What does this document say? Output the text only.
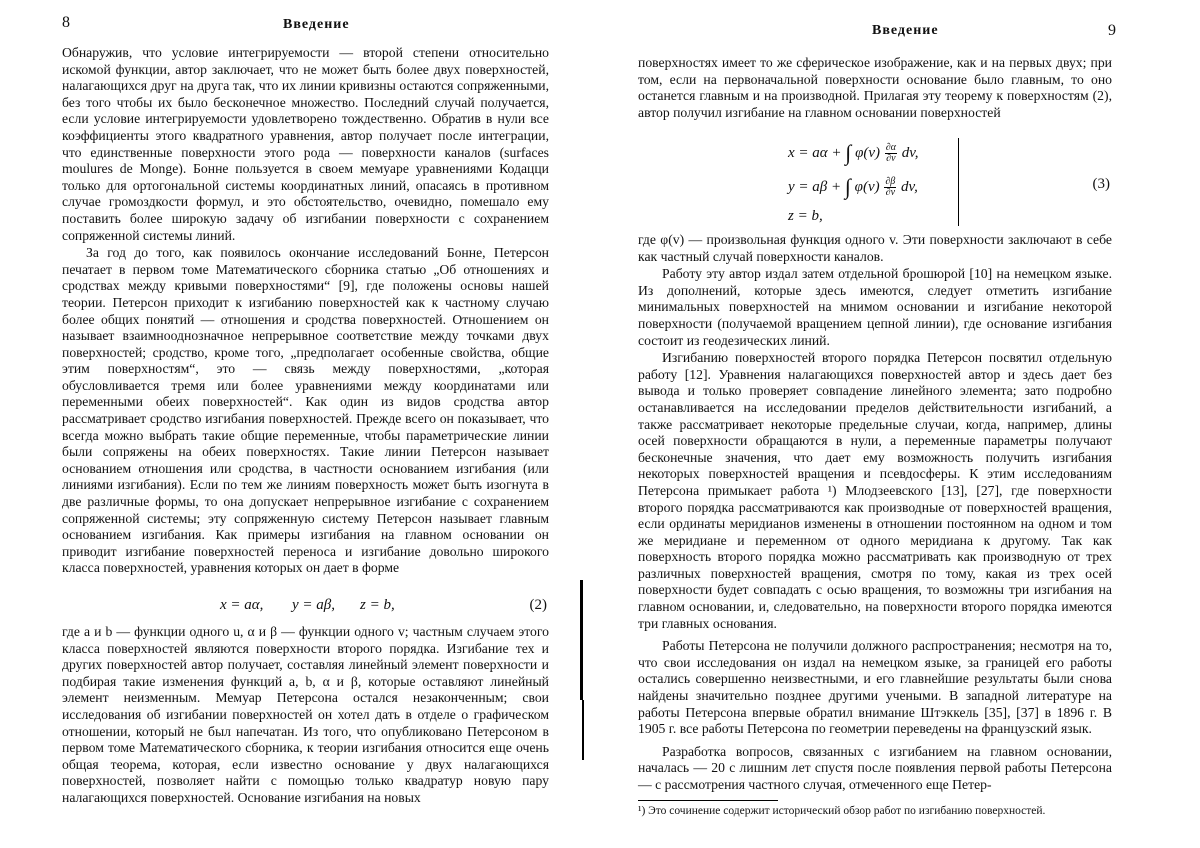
8	Введение

Обнаружив, что условие интегрируемости — второй степени относительно искомой функции, автор заключает, что не может быть более двух поверхностей, налагающихся друг на друга так, что их линии кривизны остаются сопряженными, без того чтобы их было бесконечное множество. Последний случай получается, если условие интегрируемости удовлетворено тождественно. Обратив в нули все коэффициенты этого квадратного уравнения, автор получает после интеграции, что единственные поверхности этого рода — поверхности каналов (surfaces moulures de Monge). Бонне пользуется в своем мемуаре уравнениями Кодацци только для ортогональной системы координатных линий, опасаясь в противном случае громоздкости формул, и это обстоятельство, очевидно, помешало ему поставить более широкую задачу об изгибании поверхности с сохранением сопряженной системы линий.

За год до того, как появилось окончание исследований Бонне, Петерсон печатает в первом томе Математического сборника статью „Об отношениях и сродствах между кривыми поверхностями“ [9], где положены основы нашей теории. Петерсон приходит к изгибанию поверхностей как к частному случаю более общих понятий — отношения и сродства поверхностей. Отношением он называет взаимнооднозначное непрерывное соответствие между точками двух поверхностей; сродство, кроме того, „предполагает особенные свойства, общие этим поверхностям“, это — связь между поверхностями, „которая обусловливается тремя или более уравнениями между координатами или переменными обеих поверхностей“. Как один из видов сродства автор рассматривает сродство изгибания поверхностей. Прежде всего он показывает, что всегда можно выбрать такие общие переменные, чтобы параметрические линии были сопряжены на обеих поверхностях. Такие линии Петерсон называет основанием отношения или сродства, в частности основанием изгибания (или линиями изгибания). Если по тем же линиям поверхность может быть изогнута в две различные формы, то она допускает непрерывное изгибание с сохранением сопряженной системы; эту сопряженную систему Петерсон называет главным основанием изгибания. Как примеры изгибания на главном основании он приводит изгибание поверхностей переноса и изгибание довольно широкого класса поверхностей, уравнения которых он дает в форме

x = aα, y = aβ, z = b,	(2)

где a и b — функции одного u, α и β — функции одного v; частным случаем этого класса поверхностей являются поверхности второго порядка. Изгибание тех и других поверхностей автор получает, составляя линейный элемент поверхности и подбирая такие изменения функций a, b, α и β, которые оставляют линейный элемент неизменным. Мемуар Петерсона остался незаконченным; свои исследования об изгибании поверхностей он хотел дать в отделе о графическом отношении, который не был напечатан. Из того, что опубликовано Петерсоном в первом томе Математического сборника, к теории изгибания относится еще очень общая теорема, которая, если известно основание у двух налагающихся поверхностей, позволяет найти с помощью только квадратур новую пару налагающихся поверхностей. Основание изгибания на новых

Введение	9

поверхностях имеет то же сферическое изображение, как и на первых двух; при том, если на первоначальной поверхности основание было главным, то оно останется главным и на производной. Прилагая эту теорему к поверхностям (2), автор получил изгибание на главном основании поверхностей

x = aα + ∫ $\varphi(v) \frac{\partial\alpha}{\partial v}$ dv,
y = aβ + ∫ $\varphi(v) \frac{\partial\beta}{\partial v}$ dv,
z = b,
(3)

где φ(v) — произвольная функция одного v. Эти поверхности заключают в себе как частный случай поверхности каналов.

Работу эту автор издал затем отдельной брошюрой [10] на немецком языке. Из дополнений, которые здесь имеются, следует отметить изгибание минимальных поверхностей на мнимом основании и изгибание некоторой поверхности (получаемой вращением цепной линии), где основание изгибания состоит из геодезических линий.

Изгибанию поверхностей второго порядка Петерсон посвятил отдельную работу [12]. Уравнения налагающихся поверхностей автор и здесь дает без вывода и только проверяет совпадение линейного элемента; зато подробно останавливается на исследовании пределов действительности изгибаний, а также рассматривает некоторые предельные случаи, когда, например, длины осей поверхности обращаются в нули, а переменные параметры получают бесконечные значения, что дает ему возможность получить изгибания некоторых поверхностей вращения и псевдосферы. К этим исследованиям Петерсона примыкает работа ¹) Млодзеевского [13], [27], где поверхности второго порядка рассматриваются как производные от поверхностей вращения, если ординаты меридианов изменены в отношении постоянном на одном и том же меридиане и переменном от одного меридиана к другому. Так как поверхность второго порядка можно рассматривать как производную от трех различных поверхностей вращения, смотря по тому, какая из трех осей поверхности будет совпадать с осью вращения, то возможны три изгибания на главном основании, и, следовательно, на поверхности второго порядка имеются три главных основания.

Работы Петерсона не получили должного распространения; несмотря на то, что свои исследования он издал на немецком языке, за границей его работы остались совершенно неизвестными, и его главнейшие результаты были снова найдены значительно позднее другими учеными. В западной литературе на работы Петерсона впервые обратил внимание Штэккель [35], [37] в 1896 г. В 1905 г. все работы Петерсона по геометрии переведены на французский язык.

Разработка вопросов, связанных с изгибанием на главном основании, началась — 20 с лишним лет спустя после появления первой работы Петерсона — с рассмотрения частного случая, отмеченного еще Петер-

¹) Это сочинение содержит исторический обзор работ по изгибанию поверхностей.
